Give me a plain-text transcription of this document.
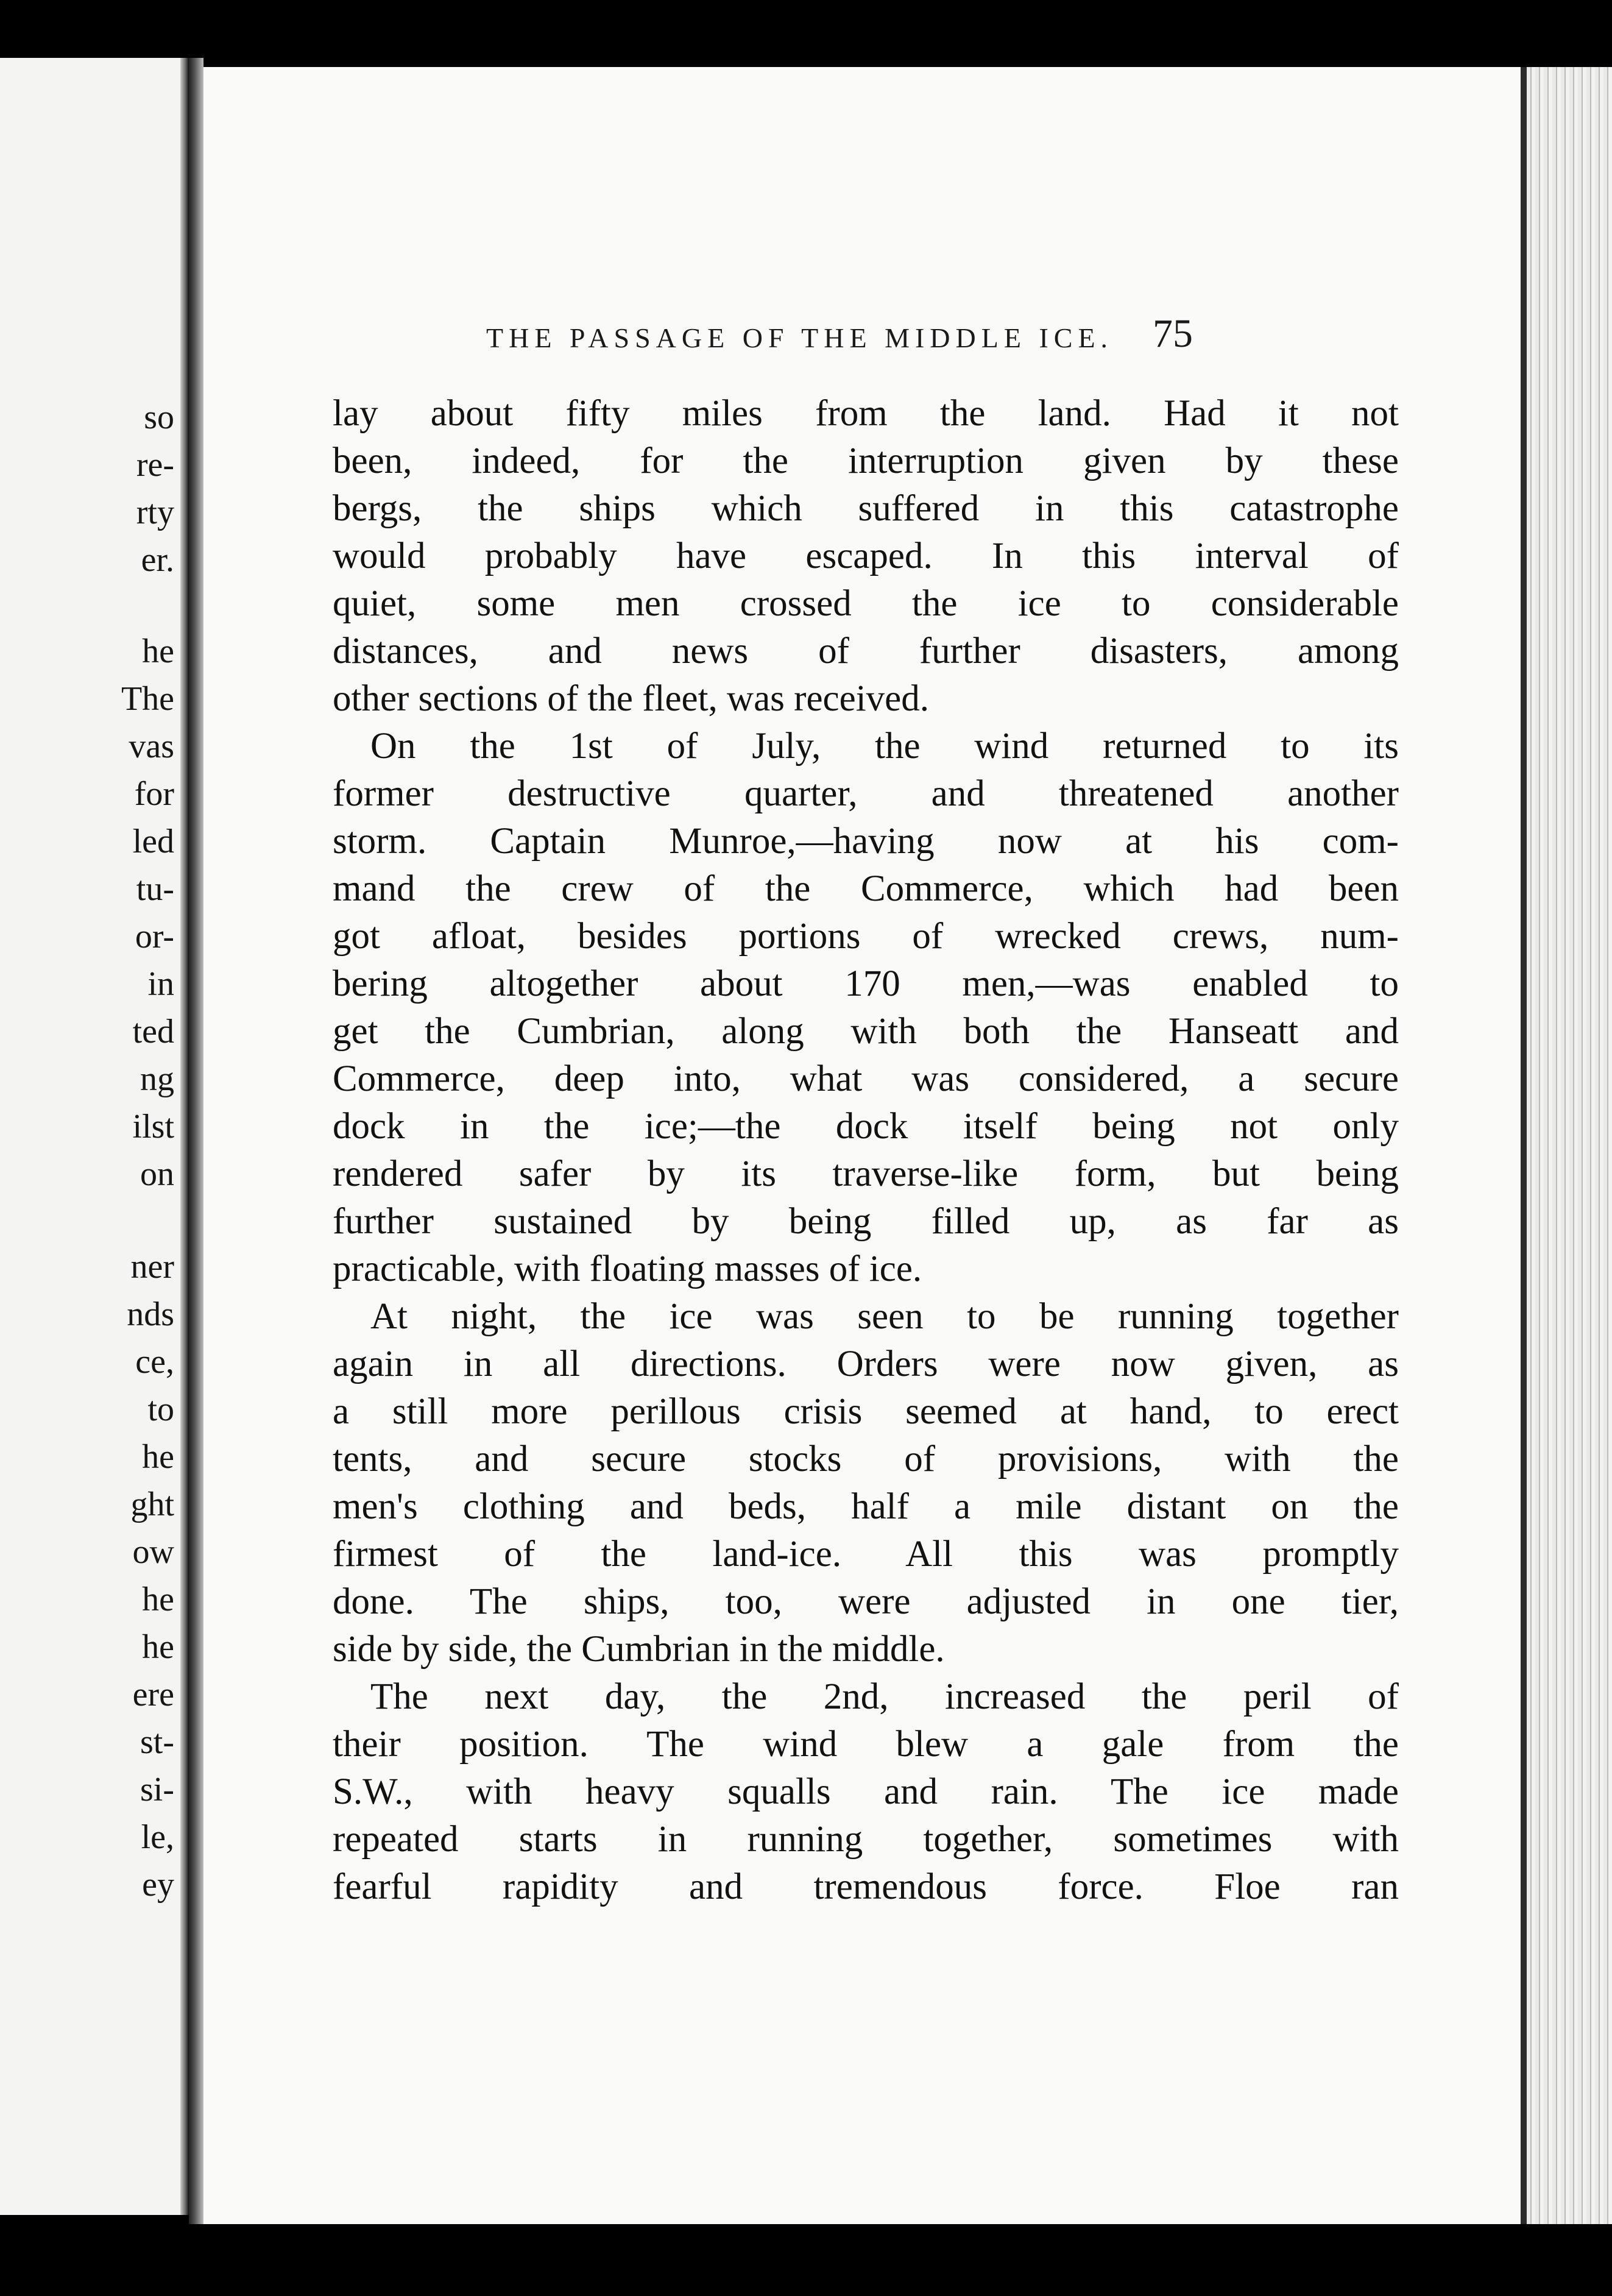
so
re-
rty
er.
he
The
vas
for
led
tu-
or-
in
ted
ng
ilst
on
ner
nds
ce,
to
he
ght
ow
he
he
ere
st-
si-
le,
ey
THE PASSAGE OF THE MIDDLE ICE. 75
lay about fifty miles from the land. Had it not
been, indeed, for the interruption given by these
bergs, the ships which suffered in this catastrophe
would probably have escaped. In this interval of
quiet, some men crossed the ice to considerable
distances, and news of further disasters, among
other sections of the fleet, was received.
On the 1st of July, the wind returned to its
former destructive quarter, and threatened another
storm. Captain Munroe,—having now at his com-
mand the crew of the Commerce, which had been
got afloat, besides portions of wrecked crews, num-
bering altogether about 170 men,—was enabled to
get the Cumbrian, along with both the Hanseatt and
Commerce, deep into, what was considered, a secure
dock in the ice;—the dock itself being not only
rendered safer by its traverse-like form, but being
further sustained by being filled up, as far as
practicable, with floating masses of ice.
At night, the ice was seen to be running together
again in all directions. Orders were now given, as
a still more perillous crisis seemed at hand, to erect
tents, and secure stocks of provisions, with the
men's clothing and beds, half a mile distant on the
firmest of the land-ice. All this was promptly
done. The ships, too, were adjusted in one tier,
side by side, the Cumbrian in the middle.
The next day, the 2nd, increased the peril of
their position. The wind blew a gale from the
S.W., with heavy squalls and rain. The ice made
repeated starts in running together, sometimes with
fearful rapidity and tremendous force. Floe ran
